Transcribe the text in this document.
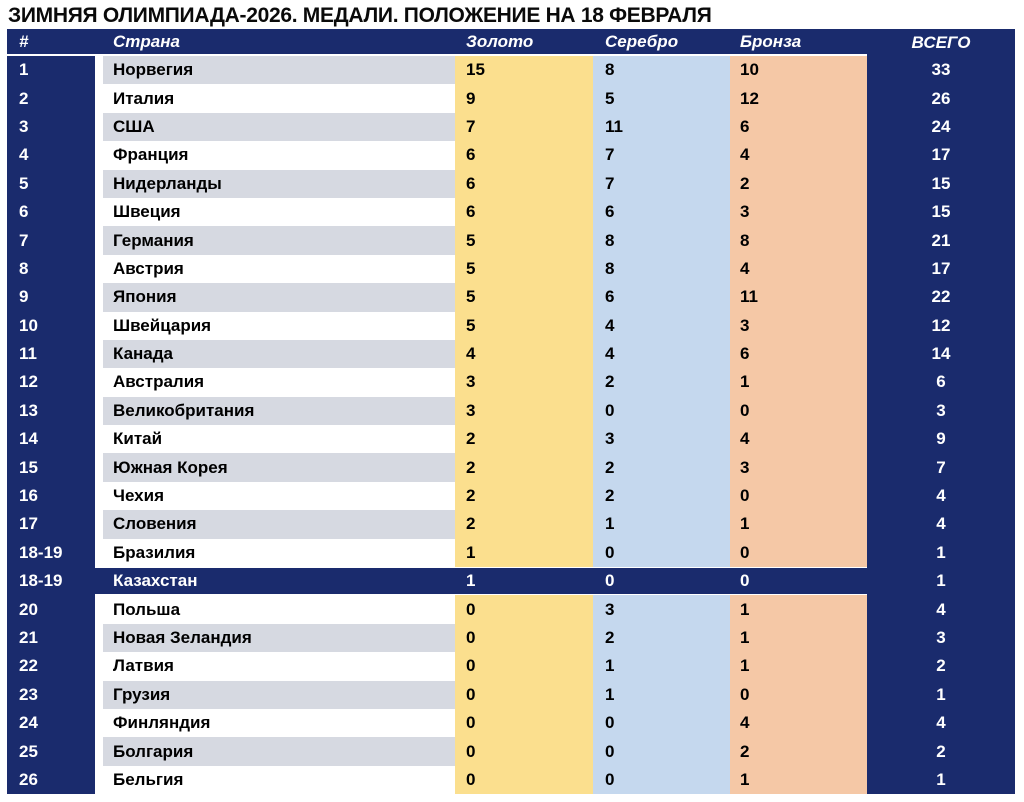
ЗИМНЯЯ ОЛИМПИАДА-2026. МЕДАЛИ. ПОЛОЖЕНИЕ НА 18 ФЕВРАЛЯ
#	Страна	Золото	Серебро	Бронза	ВСЕГО
1	Норвегия	15	8	10	33
2	Италия	9	5	12	26
3	США	7	11	6	24
4	Франция	6	7	4	17
5	Нидерланды	6	7	2	15
6	Швеция	6	6	3	15
7	Германия	5	8	8	21
8	Австрия	5	8	4	17
9	Япония	5	6	11	22
10	Швейцария	5	4	3	12
11	Канада	4	4	6	14
12	Австралия	3	2	1	6
13	Великобритания	3	0	0	3
14	Китай	2	3	4	9
15	Южная Корея	2	2	3	7
16	Чехия	2	2	0	4
17	Словения	2	1	1	4
18-19	Бразилия	1	0	0	1
18-19	Казахстан	1	0	0	1
20	Польша	0	3	1	4
21	Новая Зеландия	0	2	1	3
22	Латвия	0	1	1	2
23	Грузия	0	1	0	1
24	Финляндия	0	0	4	4
25	Болгария	0	0	2	2
26	Бельгия	0	0	1	1
